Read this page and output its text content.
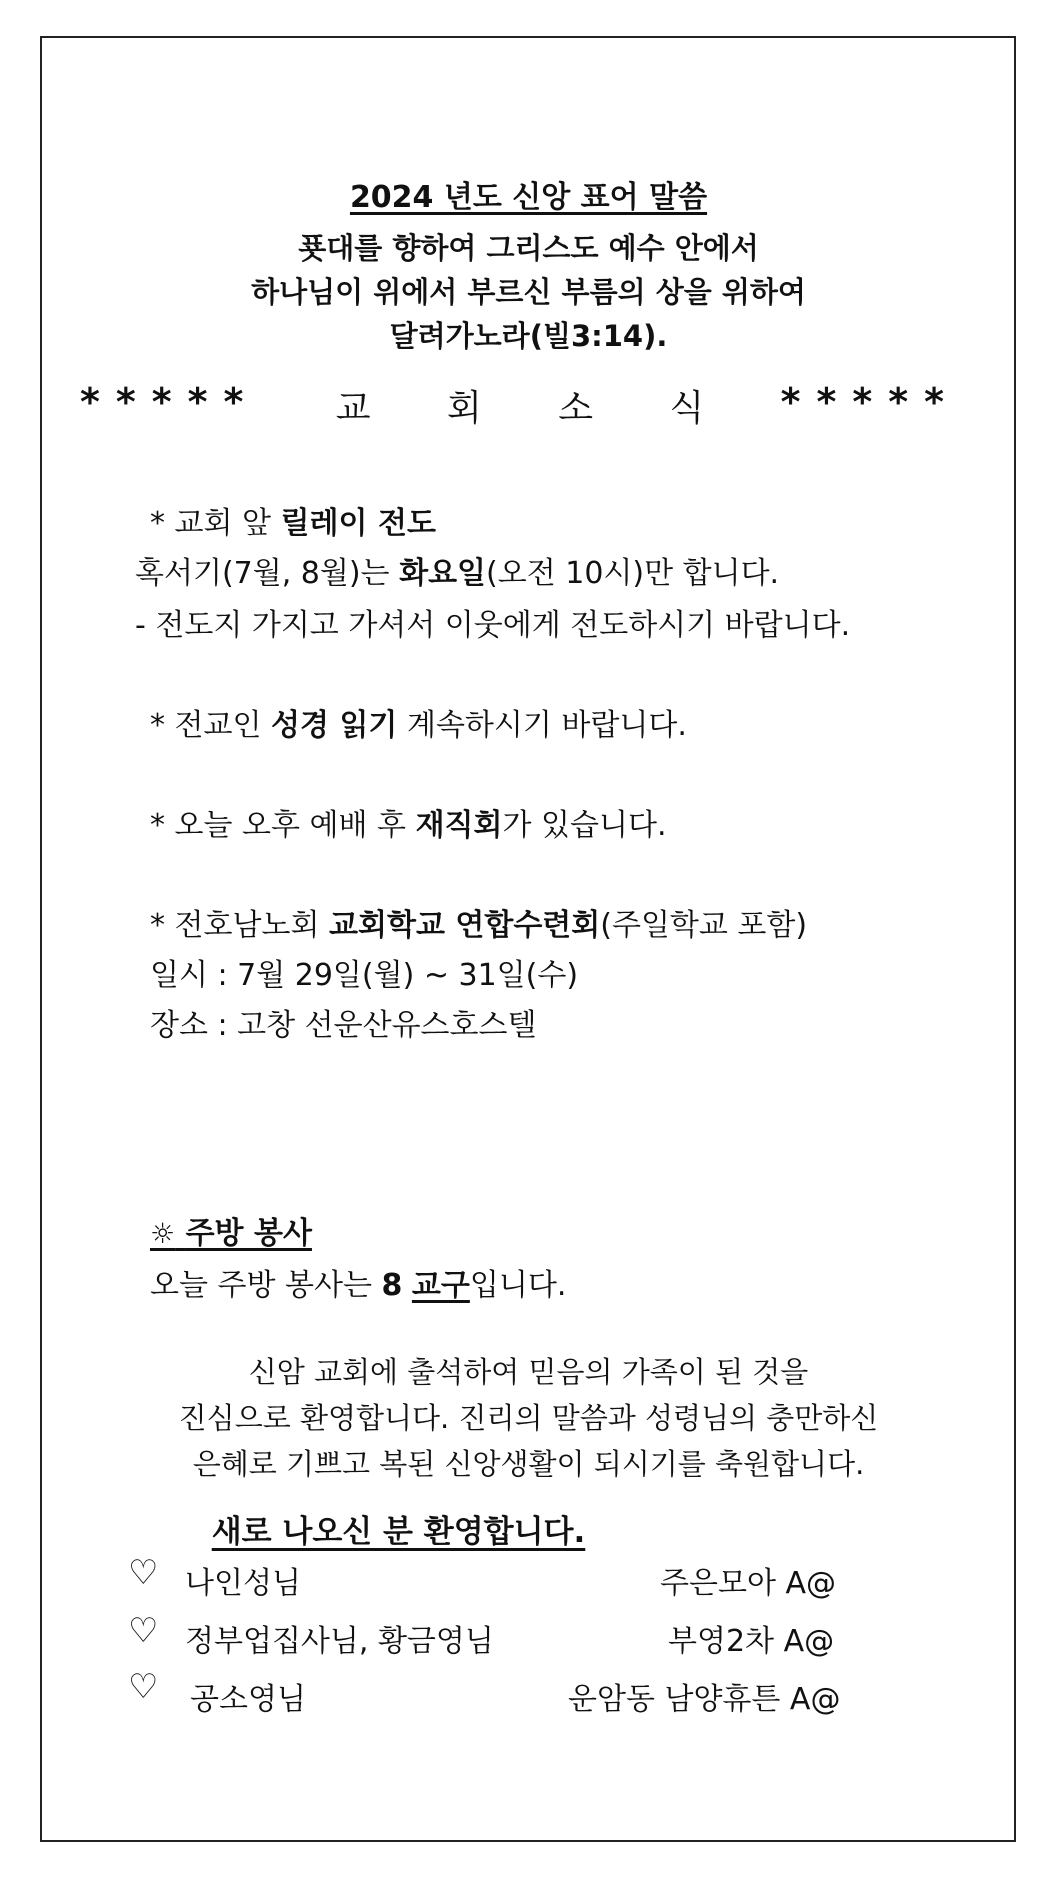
2024 년도 신앙 표어 말씀
푯대를 향하여 그리스도 예수 안에서
하나님이 위에서 부르신 부름의 상을 위하여
달려가노라(빌3:14).
***** 교 회 소 식 *****
* 교회 앞 릴레이 전도
혹서기(7월, 8월)는 화요일(오전 10시)만 합니다.
- 전도지 가지고 가셔서 이웃에게 전도하시기 바랍니다.
* 전교인 성경 읽기 계속하시기 바랍니다.
* 오늘 오후 예배 후 재직회가 있습니다.
* 전호남노회 교회학교 연합수련회(주일학교 포함)
일시 : 7월 29일(월) ~ 31일(수)
장소 : 고창 선운산유스호스텔
☼ 주방 봉사
오늘 주방 봉사는 8 교구입니다.
신암 교회에 출석하여 믿음의 가족이 된 것을
진심으로 환영합니다. 진리의 말씀과 성령님의 충만하신
은혜로 기쁘고 복된 신앙생활이 되시기를 축원합니다.
새로 나오신 분 환영합니다.
♡ 나인성님	주은모아 A@
♡ 정부업집사님, 황금영님	부영2차 A@
♡ 공소영님	운암동 남양휴튼 A@
